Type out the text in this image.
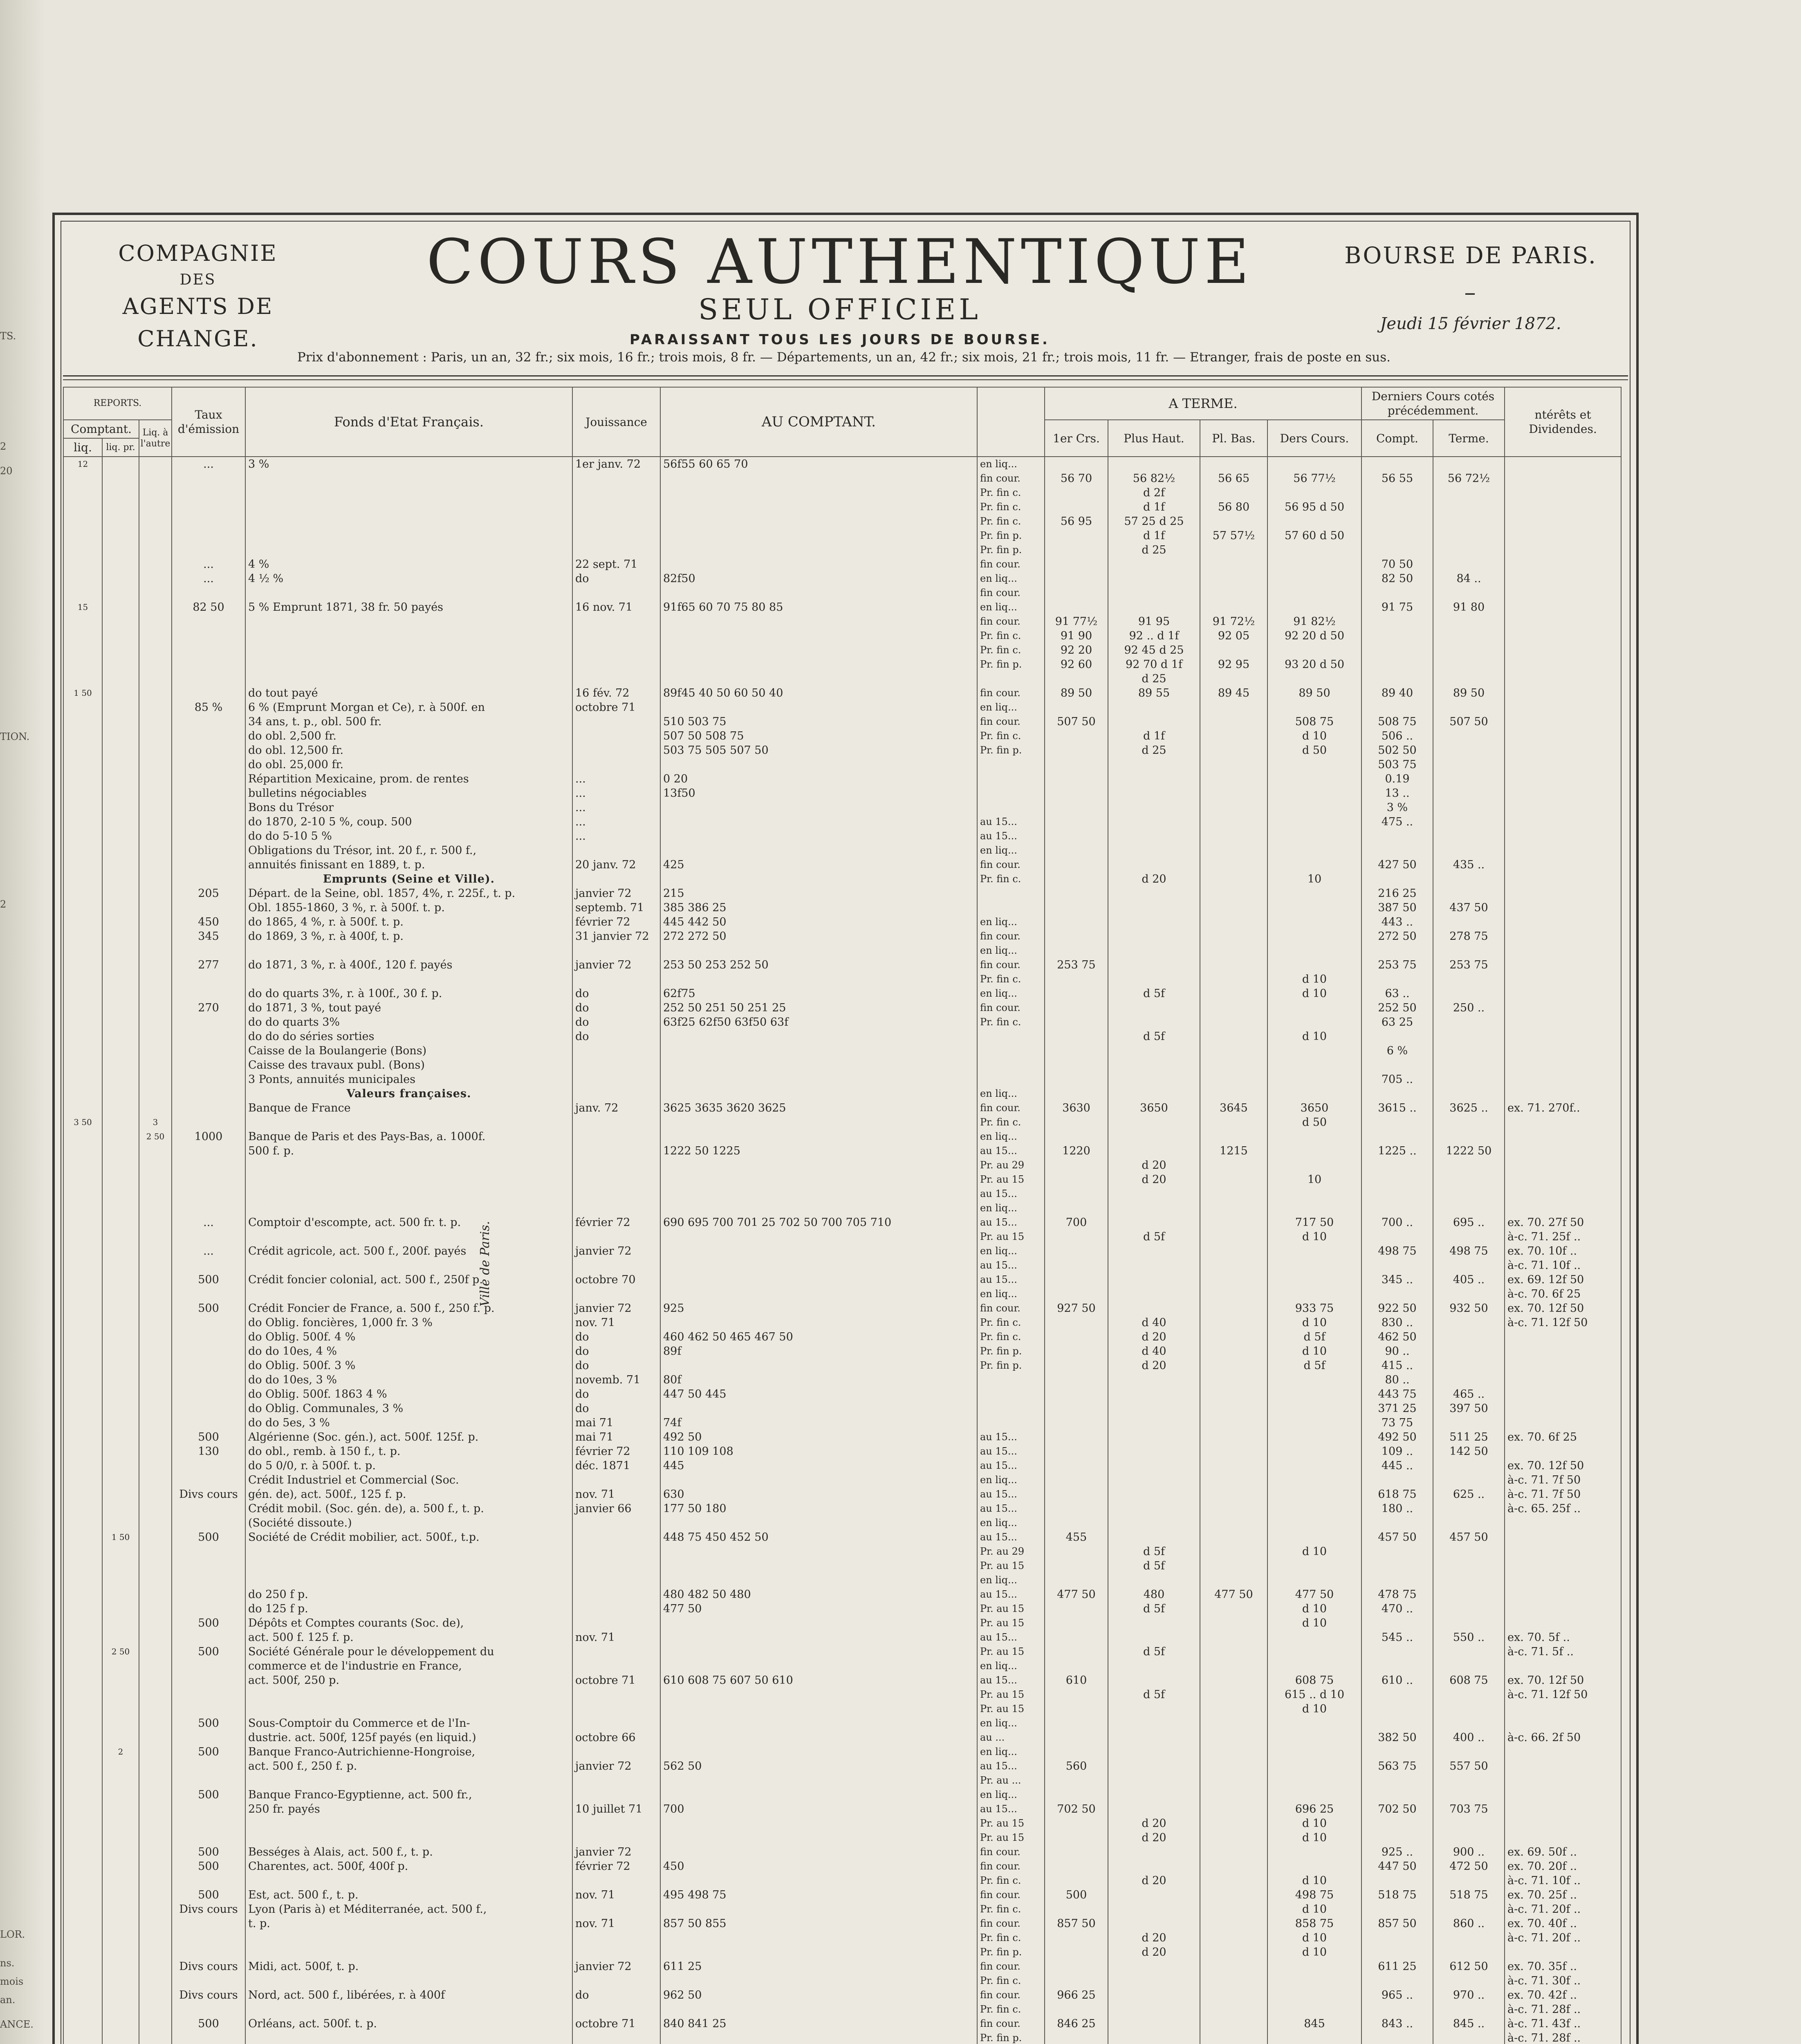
TS.
2
20
TION.
2
LOR.
ns.
mois
an.
ANCE.
COMPAGNIE
DES
AGENTS DE CHANGE.
COURS AUTHENTIQUE
SEUL OFFICIEL
PARAISSANT TOUS LES JOURS DE BOURSE.
BOURSE DE PARIS.
–
Jeudi 15 février 1872.
Prix d'abonnement : Paris, un an, 32 fr.; six mois, 16 fr.; trois mois, 8 fr. — Départements, un an, 42 fr.; six mois, 21 fr.; trois mois, 11 fr. — Etranger, frais de poste en sus.
REPORTS.			Taux d'émission	Fonds d'Etat Français.	Jouissance	AU COMPTANT.		A TERME.				Derniers Cours cotés précédemment.		ntérêts et Dividendes.
Comptant.		Liq. à l'autre						1er Crs.	Plus Haut.	Pl. Bas.	Ders Cours.	Compt.	Terme.	
liq.	liq. pr.													
12			...	3 %	1er janv. 72	56f55 60 65 70	en liq...							
							fin cour.	56 70	56 82½	56 65	56 77½	56 55	56 72½	
							Pr. fin c.		d 2f					
							Pr. fin c.		d 1f	56 80	56 95 d 50			
							Pr. fin c.	56 95	57 25 d 25					
							Pr. fin p.		d 1f	57 57½	57 60 d 50			
							Pr. fin p.		d 25					
			...	4 %	22 sept. 71		fin cour.					70 50		
			...	4 ½ %	do	82f50	en liq...					82 50	84 ..	
							fin cour.							
15			82 50	5 % Emprunt 1871, 38 fr. 50 payés	16 nov. 71	91f65 60 70 75 80 85	en liq...					91 75	91 80	
							fin cour.	91 77½	91 95	91 72½	91 82½			
							Pr. fin c.	91 90	92 .. d 1f	92 05	92 20 d 50			
							Pr. fin c.	92 20	92 45 d 25					
							Pr. fin p.	92 60	92 70 d 1f	92 95	93 20 d 50			
									d 25					
1 50				do tout payé	16 fév. 72	89f45 40 50 60 50 40	fin cour.	89 50	89 55	89 45	89 50	89 40	89 50	
			85 %	6 % (Emprunt Morgan et Ce), r. à 500f. en	octobre 71		en liq...							
				34 ans, t. p., obl. 500 fr.		510 503 75	fin cour.	507 50			508 75	508 75	507 50	
				do obl. 2,500 fr.		507 50 508 75	Pr. fin c.		d 1f		d 10	506 ..		
				do obl. 12,500 fr.		503 75 505 507 50	Pr. fin p.		d 25		d 50	502 50		
				do obl. 25,000 fr.								503 75		
				Répartition Mexicaine, prom. de rentes	...	0 20						0.19		
				bulletins négociables	...	13f50						13 ..		
				Bons du Trésor	...							3 %		
				do 1870, 2-10 5 %, coup. 500	...		au 15...					475 ..		
				do do 5-10 5 %	...		au 15...							
				Obligations du Trésor, int. 20 f., r. 500 f.,			en liq...							
				annuités finissant en 1889, t. p.	20 janv. 72	425	fin cour.					427 50	435 ..	
				Emprunts (Seine et Ville).			Pr. fin c.		d 20		10			
			205	Départ. de la Seine, obl. 1857, 4%, r. 225f., t. p.	janvier 72	215						216 25		
				Obl. 1855-1860, 3 %, r. à 500f. t. p.	septemb. 71	385 386 25						387 50	437 50	
			450	do 1865, 4 %, r. à 500f. t. p.	février 72	445 442 50	en liq...					443 ..		
			345	do 1869, 3 %, r. à 400f, t. p.	31 janvier 72	272 272 50	fin cour.					272 50	278 75	
							en liq...							
			277	do 1871, 3 %, r. à 400f., 120 f. payés	janvier 72	253 50 253 252 50	fin cour.	253 75				253 75	253 75	
							Pr. fin c.				d 10			
				do do quarts 3%, r. à 100f., 30 f. p.	do	62f75	en liq...		d 5f		d 10	63 ..		
			270	do 1871, 3 %, tout payé	do	252 50 251 50 251 25	fin cour.					252 50	250 ..	
				do do quarts 3%	do	63f25 62f50 63f50 63f	Pr. fin c.					63 25		
				do do do séries sorties	do				d 5f		d 10			
				Caisse de la Boulangerie (Bons)								6 %		
				Caisse des travaux publ. (Bons)										
				3 Ponts, annuités municipales								705 ..		
				Valeurs françaises.			en liq...							
				Banque de France	janv. 72	3625 3635 3620 3625	fin cour.	3630	3650	3645	3650	3615 ..	3625 ..	ex. 71. 270f..
3 50		3					Pr. fin c.				d 50			
		2 50	1000	Banque de Paris et des Pays-Bas, a. 1000f.			en liq...							
				500 f. p.		1222 50 1225	au 15...	1220		1215		1225 ..	1222 50	
							Pr. au 29		d 20					
							Pr. au 15		d 20		10			
							au 15...							
							en liq...							
			...	Comptoir d'escompte, act. 500 fr. t. p.	février 72	690 695 700 701 25 702 50 700 705 710	au 15...	700			717 50	700 ..	695 ..	ex. 70. 27f 50
							Pr. au 15		d 5f		d 10			à-c. 71. 25f ..
			...	Crédit agricole, act. 500 f., 200f. payés	janvier 72		en liq...					498 75	498 75	ex. 70. 10f ..
							au 15...							à-c. 71. 10f ..
			500	Crédit foncier colonial, act. 500 f., 250f p.	octobre 70		au 15...					345 ..	405 ..	ex. 69. 12f 50
							en liq...							à-c. 70. 6f 25
			500	Crédit Foncier de France, a. 500 f., 250 f. p.	janvier 72	925	fin cour.	927 50			933 75	922 50	932 50	ex. 70. 12f 50
				do Oblig. foncières, 1,000 fr. 3 %	nov. 71		Pr. fin c.		d 40		d 10	830 ..		à-c. 71. 12f 50
				do Oblig. 500f. 4 %	do	460 462 50 465 467 50	Pr. fin c.		d 20		d 5f	462 50		
				do do 10es, 4 %	do	89f	Pr. fin p.		d 40		d 10	90 ..		
				do Oblig. 500f. 3 %	do		Pr. fin p.		d 20		d 5f	415 ..		
				do do 10es, 3 %	novemb. 71	80f						80 ..		
				do Oblig. 500f. 1863 4 %	do	447 50 445						443 75	465 ..	
				do Oblig. Communales, 3 %	do							371 25	397 50	
				do do 5es, 3 %	mai 71	74f						73 75		
			500	Algérienne (Soc. gén.), act. 500f. 125f. p.	mai 71	492 50	au 15...					492 50	511 25	ex. 70. 6f 25
			130	do obl., remb. à 150 f., t. p.	février 72	110 109 108	au 15...					109 ..	142 50	
				do 5 0/0, r. à 500f. t. p.	déc. 1871	445	au 15...					445 ..		ex. 70. 12f 50
				Crédit Industriel et Commercial (Soc.			en liq...							à-c. 71. 7f 50
			Divs cours	gén. de), act. 500f., 125 f. p.	nov. 71	630	au 15...					618 75	625 ..	à-c. 71. 7f 50
				Crédit mobil. (Soc. gén. de), a. 500 f., t. p.	janvier 66	177 50 180	au 15...					180 ..		à-c. 65. 25f ..
				(Société dissoute.)			en liq...							
	1 50		500	Société de Crédit mobilier, act. 500f., t.p.		448 75 450 452 50	au 15...	455				457 50	457 50	
							Pr. au 29		d 5f		d 10			
							Pr. au 15		d 5f					
							en liq...							
				do 250 f p.		480 482 50 480	au 15...	477 50	480	477 50	477 50	478 75		
				do 125 f p.		477 50	Pr. au 15		d 5f		d 10	470 ..		
			500	Dépôts et Comptes courants (Soc. de),			Pr. au 15				d 10			
				act. 500 f. 125 f. p.	nov. 71		au 15...					545 ..	550 ..	ex. 70. 5f ..
	2 50		500	Société Générale pour le développement du			Pr. au 15		d 5f					à-c. 71. 5f ..
				commerce et de l'industrie en France,			en liq...							
				act. 500f, 250 p.	octobre 71	610 608 75 607 50 610	au 15...	610			608 75	610 ..	608 75	ex. 70. 12f 50
							Pr. au 15		d 5f		615 .. d 10			à-c. 71. 12f 50
							Pr. au 15				d 10			
			500	Sous-Comptoir du Commerce et de l'In-			en liq...							
				dustrie. act. 500f, 125f payés (en liquid.)	octobre 66		au ...					382 50	400 ..	à-c. 66. 2f 50
	2		500	Banque Franco-Autrichienne-Hongroise,			en liq...							
				act. 500 f., 250 f. p.	janvier 72	562 50	au 15...	560				563 75	557 50	
							Pr. au ...							
			500	Banque Franco-Egyptienne, act. 500 fr.,			en liq...							
				250 fr. payés	10 juillet 71	700	au 15...	702 50			696 25	702 50	703 75	
							Pr. au 15		d 20		d 10			
							Pr. au 15		d 20		d 10			
			500	Bességes à Alais, act. 500 f., t. p.	janvier 72		fin cour.					925 ..	900 ..	ex. 69. 50f ..
			500	Charentes, act. 500f, 400f p.	février 72	450	fin cour.					447 50	472 50	ex. 70. 20f ..
							Pr. fin c.		d 20		d 10			à-c. 71. 10f ..
			500	Est, act. 500 f., t. p.	nov. 71	495 498 75	fin cour.	500			498 75	518 75	518 75	ex. 70. 25f ..
			Divs cours	Lyon (Paris à) et Méditerranée, act. 500 f.,			Pr. fin c.				d 10			à-c. 71. 20f ..
				t. p.	nov. 71	857 50 855	fin cour.	857 50			858 75	857 50	860 ..	ex. 70. 40f ..
							Pr. fin c.		d 20		d 10			à-c. 71. 20f ..
							Pr. fin p.		d 20		d 10			
			Divs cours	Midi, act. 500f, t. p.	janvier 72	611 25	fin cour.					611 25	612 50	ex. 70. 35f ..
							Pr. fin c.							à-c. 71. 30f ..
			Divs cours	Nord, act. 500 f., libérées, r. à 400f	do	962 50	fin cour.	966 25				965 ..	970 ..	ex. 70. 42f ..
							Pr. fin c.							à-c. 71. 28f ..
			500	Orléans, act. 500f. t. p.	octobre 71	840 841 25	fin cour.	846 25			845	843 ..	845 ..	à-c. 71. 43f ..
							Pr. fin p.							à-c. 71. 28f ..

Ville de Paris.
